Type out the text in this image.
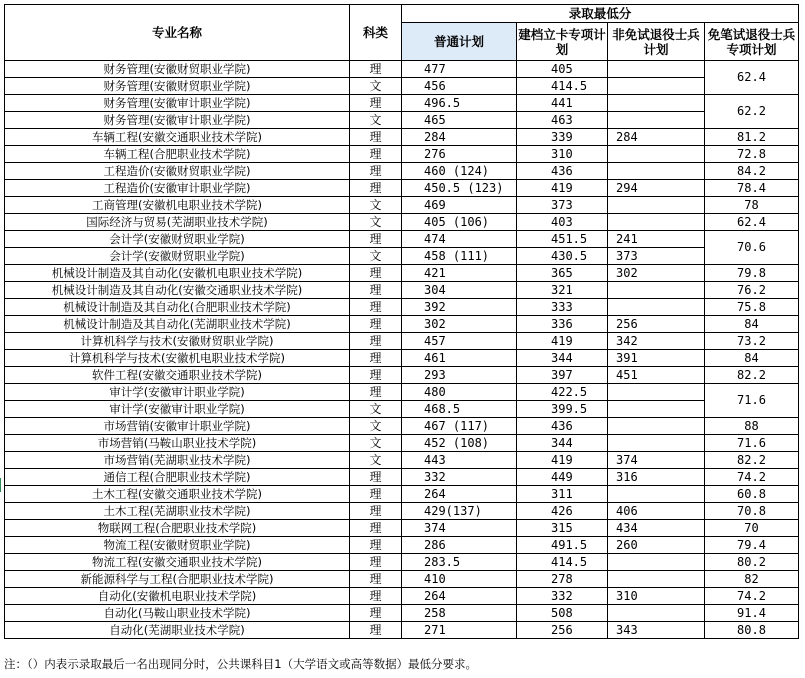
专业名称	科类	录取最低分			
		普通计划	建档立卡专项计划	非免试退役士兵计划	免笔试退役士兵专项计划
财务管理(安徽财贸职业学院)	理	477	405		62.4
财务管理(安徽财贸职业学院)	文	456	414.5		
财务管理(安徽审计职业学院)	理	496.5	441		62.2
财务管理(安徽审计职业学院)	文	465	463		
车辆工程(安徽交通职业技术学院)	理	284	339	284	81.2
车辆工程(合肥职业技术学院)	理	276	310		72.8
工程造价(安徽财贸职业学院)	理	460 (124)	436		84.2
工程造价(安徽审计职业学院)	理	450.5 (123)	419	294	78.4
工商管理(安徽机电职业技术学院)	文	469	373		78
国际经济与贸易(芜湖职业技术学院)	文	405 (106)	403		62.4
会计学(安徽财贸职业学院)	理	474	451.5	241	70.6
会计学(安徽财贸职业学院)	文	458 (111)	430.5	373	
机械设计制造及其自动化(安徽机电职业技术学院)	理	421	365	302	79.8
机械设计制造及其自动化(安徽交通职业技术学院)	理	304	321		76.2
机械设计制造及其自动化(合肥职业技术学院)	理	392	333		75.8
机械设计制造及其自动化(芜湖职业技术学院)	理	302	336	256	84
计算机科学与技术(安徽财贸职业学院)	理	457	419	342	73.2
计算机科学与技术(安徽机电职业技术学院)	理	461	344	391	84
软件工程(安徽交通职业技术学院)	理	293	397	451	82.2
审计学(安徽审计职业学院)	理	480	422.5		71.6
审计学(安徽审计职业学院)	文	468.5	399.5		
市场营销(安徽审计职业学院)	文	467 (117)	436		88
市场营销(马鞍山职业技术学院)	文	452 (108)	344		71.6
市场营销(芜湖职业技术学院)	文	443	419	374	82.2
通信工程(合肥职业技术学院)	理	332	449	316	74.2
土木工程(安徽交通职业技术学院)	理	264	311		60.8
土木工程(芜湖职业技术学院)	理	429(137)	426	406	70.8
物联网工程(合肥职业技术学院)	理	374	315	434	70
物流工程(安徽财贸职业学院)	理	286	491.5	260	79.4
物流工程(安徽交通职业技术学院)	理	283.5	414.5		80.2
新能源科学与工程(合肥职业技术学院)	理	410	278		82
自动化(安徽机电职业技术学院)	理	264	332	310	74.2
自动化(马鞍山职业技术学院)	理	258	508		91.4
自动化(芜湖职业技术学院)	理	271	256	343	80.8
注：（）内表示录取最后一名出现同分时，公共课科目1（大学语文或高等数据）最低分要求。
